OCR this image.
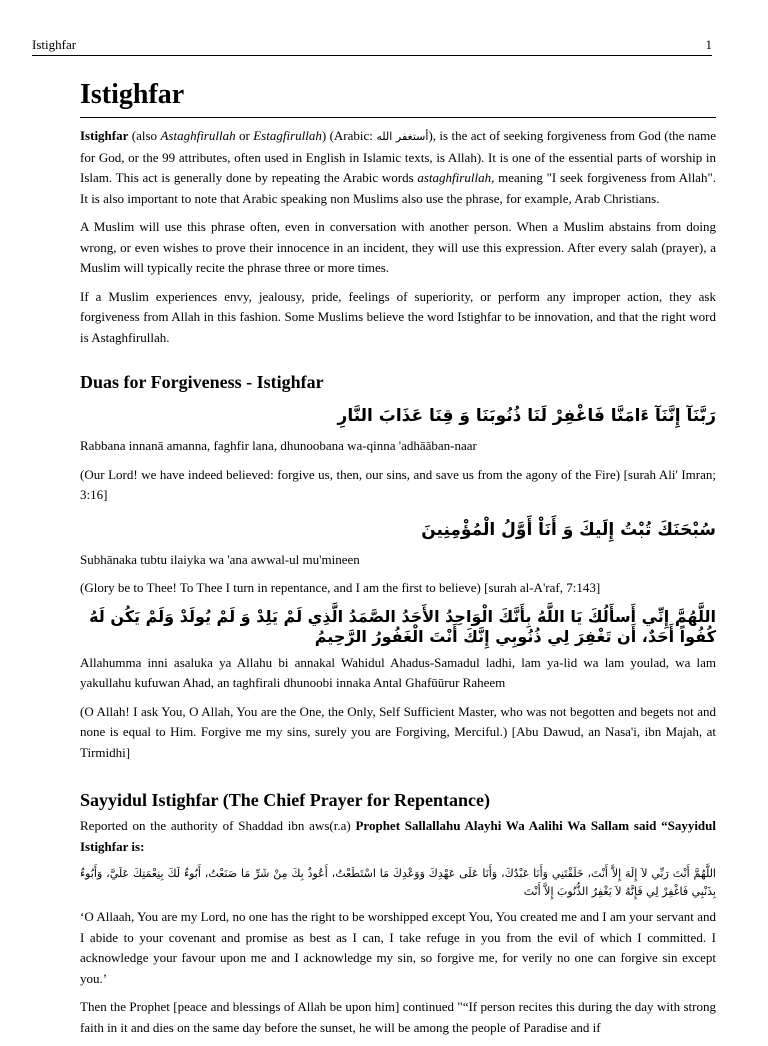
Istighfar	1
Istighfar

Istighfar (also Astaghfirullah or Estagfirullah) (Arabic: أستغفر الله), is the act of seeking forgiveness from God (the name for God, or the 99 attributes, often used in English in Islamic texts, is Allah). It is one of the essential parts of worship in Islam. This act is generally done by repeating the Arabic words astaghfirullah, meaning "I seek forgiveness from Allah". It is also important to note that Arabic speaking non Muslims also use the phrase, for example, Arab Christians.

A Muslim will use this phrase often, even in conversation with another person. When a Muslim abstains from doing wrong, or even wishes to prove their innocence in an incident, they will use this expression. After every salah (prayer), a Muslim will typically recite the phrase three or more times.

If a Muslim experiences envy, jealousy, pride, feelings of superiority, or perform any improper action, they ask forgiveness from Allah in this fashion. Some Muslims believe the word Istighfar to be innovation, and that the right word is Astaghfirullah.

Duas for Forgiveness - Istighfar
رَبَّنَآ إِنَّنَآ ءَامَنَّا فَاغْفِرْ لَنَا ذُنُوبَنَا وَ قِنَا عَذَابَ النَّارِ

Rabbana innanā amanna, faghfir lana, dhunoobana wa-qinna 'adhāāban-naar

(Our Lord! we have indeed believed: forgive us, then, our sins, and save us from the agony of the Fire) [surah Ali' Imran; 3:16]

سُبْحَنَكَ تُبْتُ إِلَيكَ وَ أَنَاْ أَوَّلُ الْمُؤْمِنِينَ

Subhānaka tubtu ilaiyka wa 'ana awwal-ul mu'mineen

(Glory be to Thee! To Thee I turn in repentance, and I am the first to believe) [surah al-A'raf, 7:143]

اللَّهُمَّ إِنِّي أَسأَلُكَ يَا اللَّهُ بِأَنَّكَ الْوَاحِدُ الأَحَدُ الصَّمَدُ الَّذِي لَمْ يَلِدْ وَ لَمْ يُولَدْ وَلَمْ يَكُن لَهُ كُفُواً أَحَدٌ، أَن تَغْفِرَ لِي ذُنُوبِي إِنَّكَ أَنْتَ الْغَفُورُ الرَّحِيمُ

Allahumma inni asaluka ya Allahu bi annakal Wahidul Ahadus-Samadul ladhi, lam ya-lid wa lam youlad, wa lam yakullahu kufuwan Ahad, an taghfirali dhunoobi innaka Antal Ghafūūrur Raheem

(O Allah! I ask You, O Allah, You are the One, the Only, Self Sufficient Master, who was not begotten and begets not and none is equal to Him. Forgive me my sins, surely you are Forgiving, Merciful.) [Abu Dawud, an Nasa'i, ibn Majah, at Tirmidhi]

Sayyidul Istighfar (The Chief Prayer for Repentance)

Reported on the authority of Shaddad ibn aws(r.a) Prophet Sallallahu Alayhi Wa Aalihi Wa Sallam said “Sayyidul Istighfar is:

اللَّهُمَّ أَنْتَ رَبِّي لاَ إِلَهَ إِلاَّ أَنْتَ، خَلَقْتَنِي وَأَنَا عَبْدُكَ، وَأَنَا عَلَى عَهْدِكَ وَوَعْدِكَ مَا اسْتَطَعْتُ، أَعُوذُ بِكَ مِنْ شَرِّ مَا صَنَعْتُ، أَبُوءُ لَكَ بِنِعْمَتِكَ عَلَيَّ، وَأَبُوءُ بِذَنْبِي فَاغْفِرْ لِي فَإِنَّهُ لاَ يَغْفِرُ الذُّنُوبَ إِلاَّ أَنْتَ

‘O Allaah, You are my Lord, no one has the right to be worshipped except You, You created me and I am your servant and I abide to your covenant and promise as best as I can, I take refuge in you from the evil of which I committed. I acknowledge your favour upon me and I acknowledge my sin, so forgive me, for verily no one can forgive sin except you.’

Then the Prophet [peace and blessings of Allah be upon him] continued "“If person recites this during the day with strong faith in it and dies on the same day before the sunset, he will be among the people of Paradise and if
